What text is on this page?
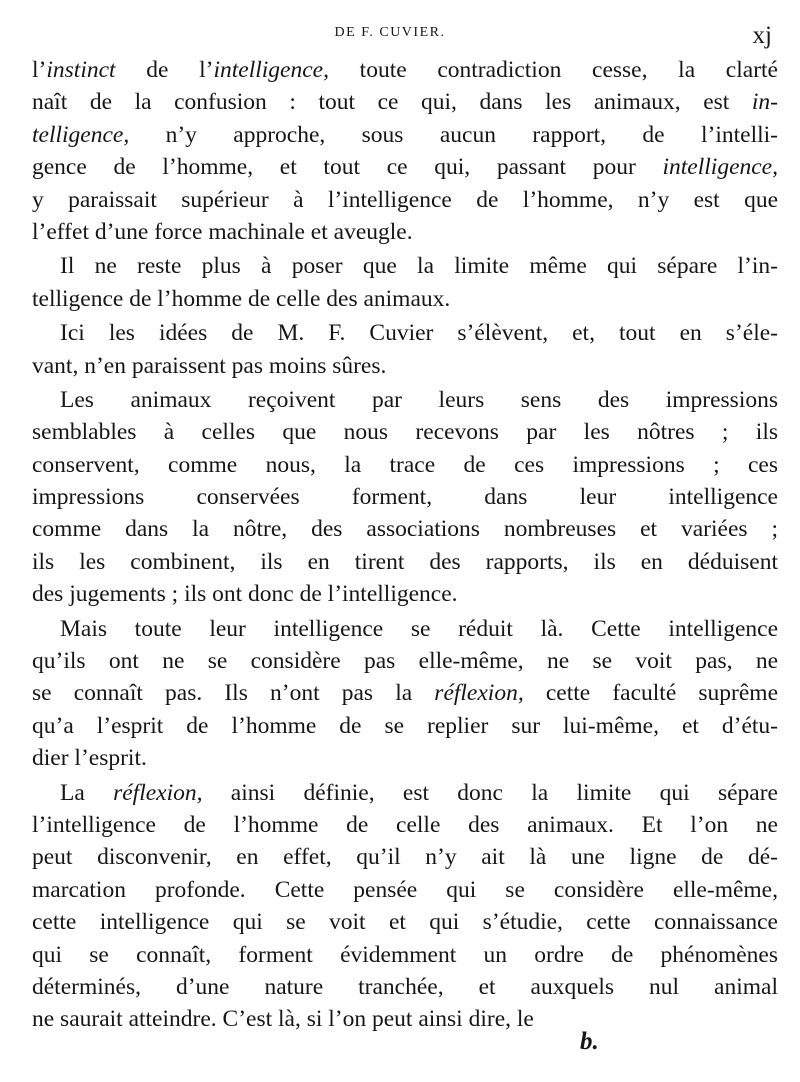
DE F. CUVIER.	xj
l’instinct de l’intelligence, toute contradiction cesse, la clarté
naît de la confusion : tout ce qui, dans les animaux, est in-
telligence, n’y approche, sous aucun rapport, de l’intelli-
gence de l’homme, et tout ce qui, passant pour intelligence,
y paraissait supérieur à l’intelligence de l’homme, n’y est que
l’effet d’une force machinale et aveugle.
Il ne reste plus à poser que la limite même qui sépare l’in-
telligence de l’homme de celle des animaux.
Ici les idées de M. F. Cuvier s’élèvent, et, tout en s’éle-
vant, n’en paraissent pas moins sûres.
Les animaux reçoivent par leurs sens des impressions
semblables à celles que nous recevons par les nôtres ; ils
conservent, comme nous, la trace de ces impressions ; ces
impressions conservées forment, dans leur intelligence
comme dans la nôtre, des associations nombreuses et variées ;
ils les combinent, ils en tirent des rapports, ils en déduisent
des jugements ; ils ont donc de l’intelligence.
Mais toute leur intelligence se réduit là. Cette intelligence
qu’ils ont ne se considère pas elle-même, ne se voit pas, ne
se connaît pas. Ils n’ont pas la réflexion, cette faculté suprême
qu’a l’esprit de l’homme de se replier sur lui-même, et d’étu-
dier l’esprit.
La réflexion, ainsi définie, est donc la limite qui sépare
l’intelligence de l’homme de celle des animaux. Et l’on ne
peut disconvenir, en effet, qu’il n’y ait là une ligne de dé-
marcation profonde. Cette pensée qui se considère elle-même,
cette intelligence qui se voit et qui s’étudie, cette connaissance
qui se connaît, forment évidemment un ordre de phénomènes
déterminés, d’une nature tranchée, et auxquels nul animal
ne saurait atteindre. C’est là, si l’on peut ainsi dire, le
b.
